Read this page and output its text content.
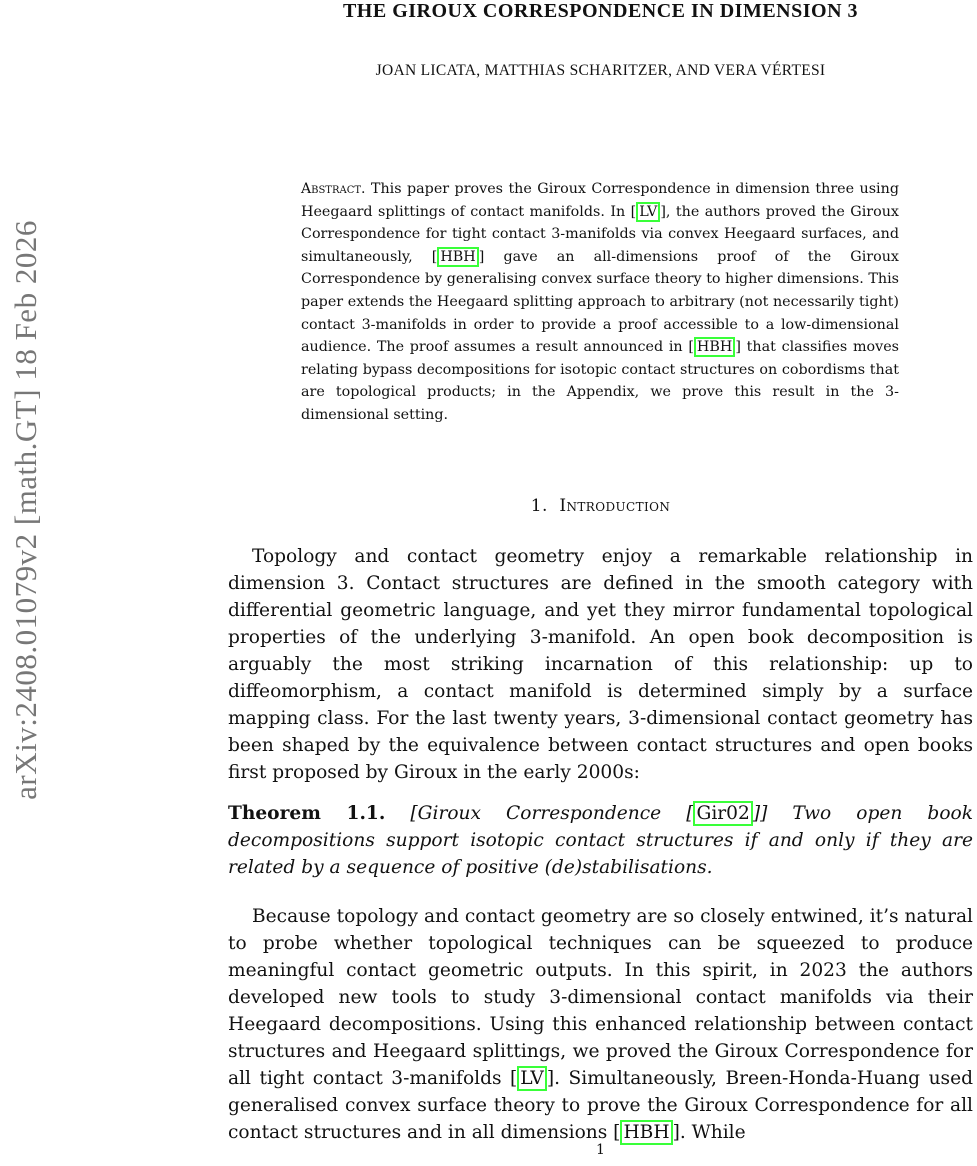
arXiv:2408.01079v2 [math.GT] 18 Feb 2026
THE GIROUX CORRESPONDENCE IN DIMENSION 3
JOAN LICATA, MATTHIAS SCHARITZER, AND VERA VÉRTESI
Abstract. This paper proves the Giroux Correspondence in dimension three using Heegaard splittings of contact manifolds. In [ LV ], the authors proved the Giroux Correspondence for tight contact 3-manifolds via convex Heegaard surfaces, and simultaneously, [ HBH ] gave an all-dimensions proof of the Giroux Correspondence by generalising convex surface theory to higher dimensions. This paper extends the Heegaard splitting approach to arbitrary (not necessarily tight) contact 3-manifolds in order to provide a proof accessible to a low-dimensional audience. The proof assumes a result announced in [ HBH ] that classifies moves relating bypass decompositions for isotopic contact structures on cobordisms that are topological products; in the Appendix, we prove this result in the 3-dimensional setting.
1. Introduction

Topology and contact geometry enjoy a remarkable relationship in dimension 3. Contact structures are defined in the smooth category with differential geometric language, and yet they mirror fundamental topological properties of the underlying 3-manifold. An open book decomposition is arguably the most striking incarnation of this relationship: up to diffeomorphism, a contact manifold is determined simply by a surface mapping class. For the last twenty years, 3-dimensional contact geometry has been shaped by the equivalence between contact structures and open books first proposed by Giroux in the early 2000s:

Theorem 1.1. [Giroux Correspondence [ Gir02 ]] Two open book decompositions support isotopic contact structures if and only if they are related by a sequence of positive (de)stabilisations.

Because topology and contact geometry are so closely entwined, it’s natural to probe whether topological techniques can be squeezed to produce meaningful contact geometric outputs. In this spirit, in 2023 the authors developed new tools to study 3-dimensional contact manifolds via their Heegaard decompositions. Using this enhanced relationship between contact structures and Heegaard splittings, we proved the Giroux Correspondence for all tight contact 3-manifolds [ LV ]. Simultaneously, Breen-Honda-Huang used generalised convex surface theory to prove the Giroux Correspondence for all contact structures and in all dimensions [ HBH ]. While

1
